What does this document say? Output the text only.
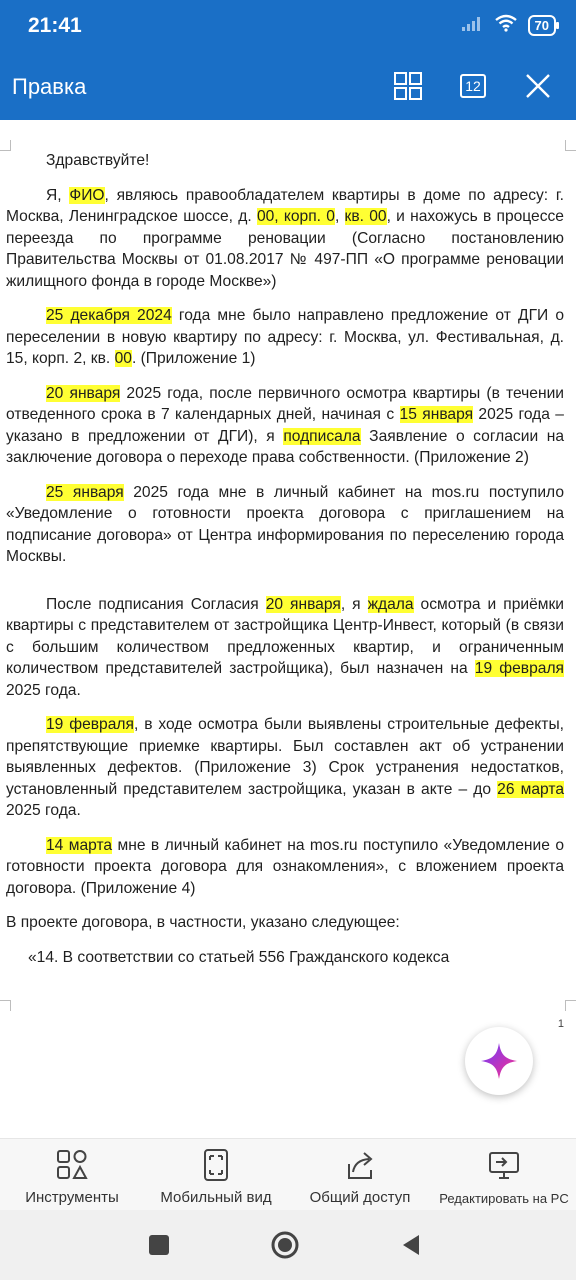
21:41	70
Правка	12

Здравствуйте!

Я, ФИО, являюсь правообладателем квартиры в доме по адресу: г. Москва, Ленинградское шоссе, д. 00, корп. 0, кв. 00, и нахожусь в процессе переезда по программе реновации (Согласно постановлению Правительства Москвы от 01.08.2017 № 497-ПП «О программе реновации жилищного фонда в городе Москве»)

25 декабря 2024 года мне было направлено предложение от ДГИ о переселении в новую квартиру по адресу: г. Москва, ул. Фестивальная, д. 15, корп. 2, кв. 00. (Приложение 1)

20 января 2025 года, после первичного осмотра квартиры (в течении отведенного срока в 7 календарных дней, начиная с 15 января 2025 года – указано в предложении от ДГИ), я подписала Заявление о согласии на заключение договора о переходе права собственности. (Приложение 2)

25 января 2025 года мне в личный кабинет на mos.ru поступило «Уведомление о готовности проекта договора с приглашением на подписание договора» от Центра информирования по переселению города Москвы.

После подписания Согласия 20 января, я ждала осмотра и приёмки квартиры с представителем от застройщика Центр-Инвест, который (в связи с большим количеством предложенных квартир, и ограниченным количеством представителей застройщика), был назначен на 19 февраля 2025 года.

19 февраля, в ходе осмотра были выявлены строительные дефекты, препятствующие приемке квартиры. Был составлен акт об устранении выявленных дефектов. (Приложение 3) Срок устранения недостатков, установленный представителем застройщика, указан в акте – до 26 марта 2025 года.

14 марта мне в личный кабинет на mos.ru поступило «Уведомление о готовности проекта договора для ознакомления», с вложением проекта договора. (Приложение 4)

В проекте договора, в частности, указано следующее:

«14. В соответствии со статьей 556 Гражданского кодекса

1
Инструменты	Мобильный вид	Общий доступ	Редактировать на PC
